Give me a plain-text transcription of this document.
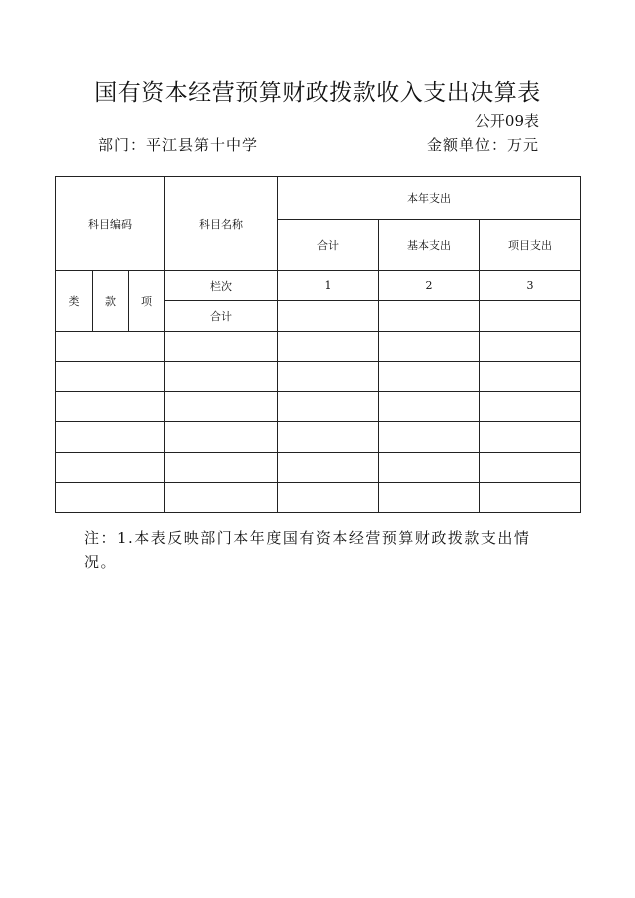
国有资本经营预算财政拨款收入支出决算表
公开09表
部门：平江县第十中学	金额单位：万元
科目编码			科目名称	本年支出		
				合计	基本支出	项目支出
类	款	项	栏次	1	2	3
			合计			

注：1.本表反映部门本年度国有资本经营预算财政拨款支出情况。
